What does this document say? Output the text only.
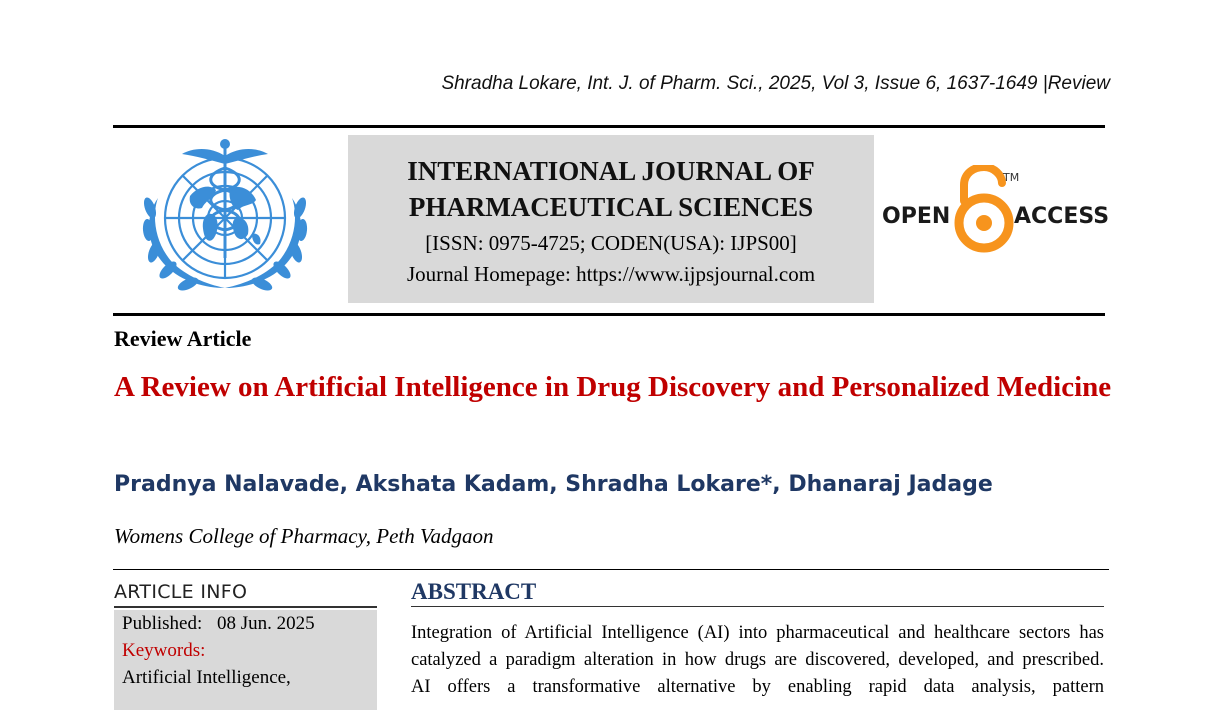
Shradha Lokare, Int. J. of Pharm. Sci., 2025, Vol 3, Issue 6, 1637-1649 |Review
INTERNATIONAL JOURNAL OF
PHARMACEUTICAL SCIENCES
[ISSN: 0975-4725; CODEN(USA): IJPS00]
Journal Homepage: https://www.ijpsjournal.com
OPEN
TM
ACCESS
Review Article
A Review on Artificial Intelligence in Drug Discovery and Personalized Medicine
Pradnya Nalavade, Akshata Kadam, Shradha Lokare*, Dhanaraj Jadage
Womens College of Pharmacy, Peth Vadgaon
ARTICLE INFO
Published: 08 Jun. 2025
Keywords:
Artificial Intelligence,
ABSTRACT
Integration of Artificial Intelligence (AI) into pharmaceutical and healthcare sectors has
catalyzed a paradigm alteration in how drugs are discovered, developed, and prescribed.
AI offers a transformative alternative by enabling rapid data analysis, pattern
